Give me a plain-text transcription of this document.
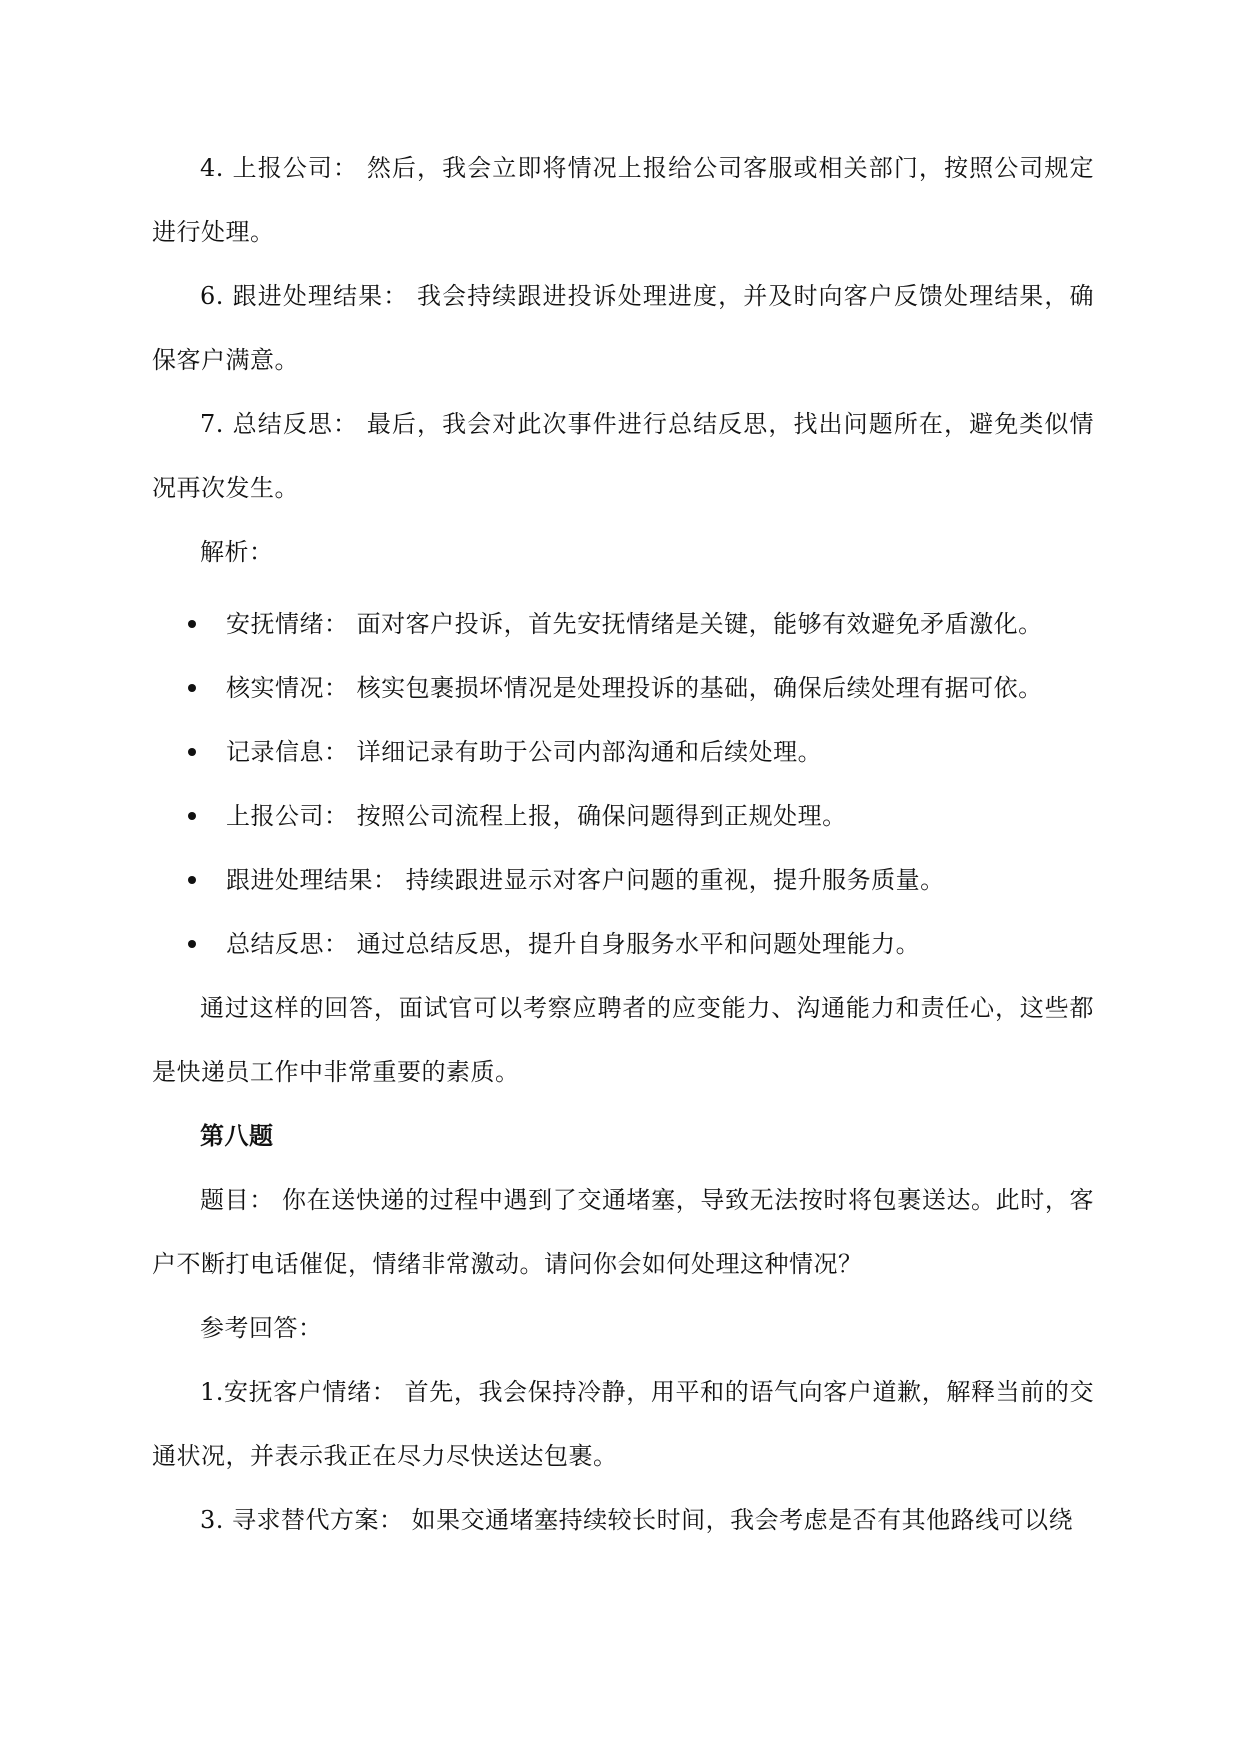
4. 上报公司： 然后，我会立即将情况上报给公司客服或相关部门，按照公司规定进行处理。

6. 跟进处理结果： 我会持续跟进投诉处理进度，并及时向客户反馈处理结果，确保客户满意。

7. 总结反思： 最后，我会对此次事件进行总结反思，找出问题所在，避免类似情况再次发生。

解析：

安抚情绪： 面对客户投诉，首先安抚情绪是关键，能够有效避免矛盾激化。
核实情况： 核实包裹损坏情况是处理投诉的基础，确保后续处理有据可依。
记录信息： 详细记录有助于公司内部沟通和后续处理。
上报公司： 按照公司流程上报，确保问题得到正规处理。
跟进处理结果： 持续跟进显示对客户问题的重视，提升服务质量。
总结反思： 通过总结反思，提升自身服务水平和问题处理能力。

通过这样的回答，面试官可以考察应聘者的应变能力、沟通能力和责任心，这些都是快递员工作中非常重要的素质。

第八题

题目： 你在送快递的过程中遇到了交通堵塞，导致无法按时将包裹送达。此时，客户不断打电话催促，情绪非常激动。请问你会如何处理这种情况？

参考回答：

1.安抚客户情绪： 首先，我会保持冷静，用平和的语气向客户道歉，解释当前的交通状况，并表示我正在尽力尽快送达包裹。

3. 寻求替代方案： 如果交通堵塞持续较长时间，我会考虑是否有其他路线可以绕
